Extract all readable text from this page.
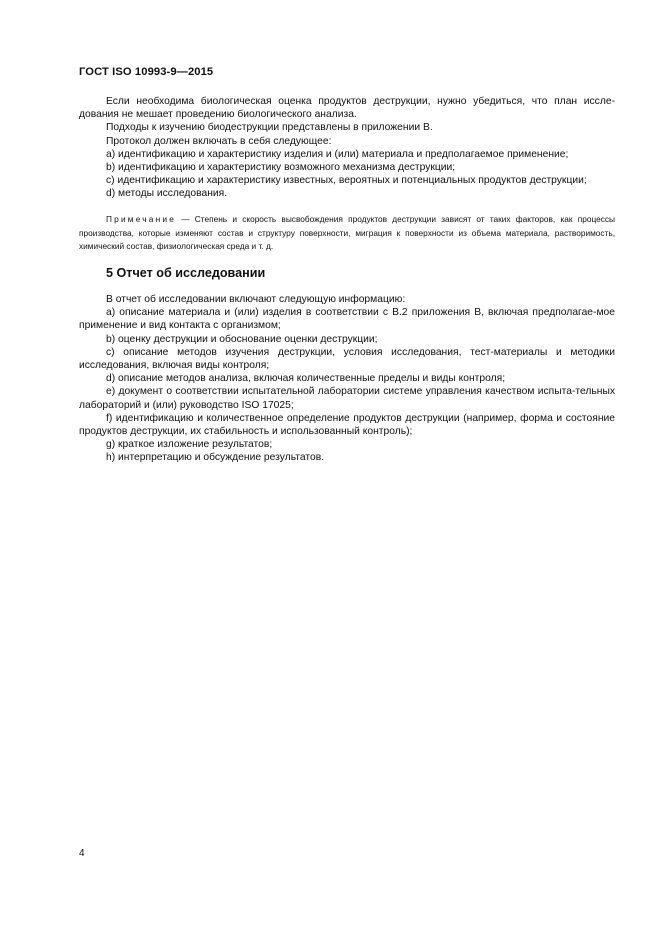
ГОСТ ISO 10993-9—2015

Если необходима биологическая оценка продуктов деструкции, нужно убедиться, что план иссле-дования не мешает проведению биологического анализа.

Подходы к изучению биодеструкции представлены в приложении В.

Протокол должен включать в себя следующее:

a) идентификацию и характеристику изделия и (или) материала и предполагаемое применение;

b) идентификацию и характеристику возможного механизма деструкции;

c) идентификацию и характеристику известных, вероятных и потенциальных продуктов деструкции;

d) методы исследования.

Примечание — Степень и скорость высвобождения продуктов деструкции зависят от таких факторов, как процессы производства, которые изменяют состав и структуру поверхности, миграция к поверхности из объема материала, растворимость, химический состав, физиологическая среда и т. д.
5 Отчет об исследовании

В отчет об исследовании включают следующую информацию:

a) описание материала и (или) изделия в соответствии с В.2 приложения В, включая предполагае-мое применение и вид контакта с организмом;

b) оценку деструкции и обоснование оценки деструкции;

c) описание методов изучения деструкции, условия исследования, тест-материалы и методики исследования, включая виды контроля;

d) описание методов анализа, включая количественные пределы и виды контроля;

e) документ о соответствии испытательной лаборатории системе управления качеством испыта-тельных лабораторий и (или) руководство ISO 17025;

f) идентификацию и количественное определение продуктов деструкции (например, форма и состояние продуктов деструкции, их стабильность и использованный контроль);

g) краткое изложение результатов;

h) интерпретацию и обсуждение результатов.

4
